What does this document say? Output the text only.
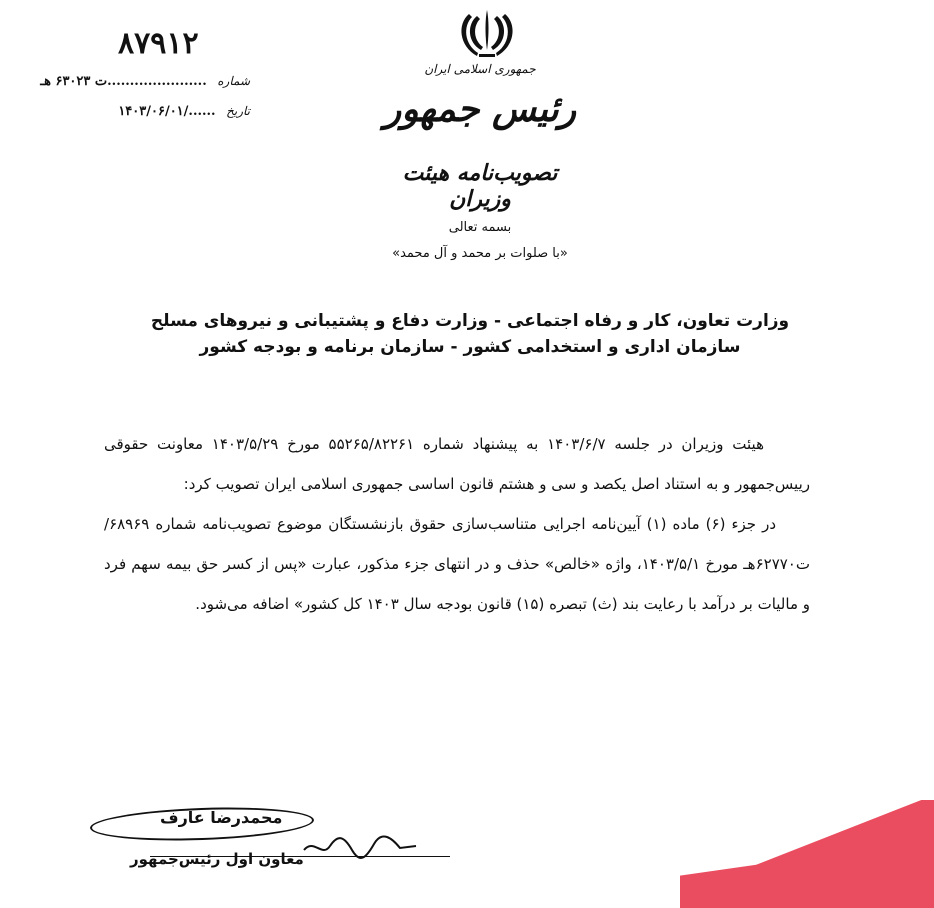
۸۷۹۱۲
شماره ......................ت ۶۳۰۲۳ هـ
تاریخ ....../۱۴۰۳/۰۶/۰۱
جمهوری اسلامی ایران
رئیس جمهور
تصویب‌نامه هیئت وزیران
بسمه تعالی
«با صلوات بر محمد و آل محمد»
وزارت تعاون، کار و رفاه اجتماعی - وزارت دفاع و پشتیبانی و نیروهای مسلح
سازمان اداری و استخدامی کشور - سازمان برنامه و بودجه کشور

هیئت وزیران در جلسه ۱۴۰۳/۶/۷ به پیشنهاد شماره ۵۵۲۶۵/۸۲۲۶۱ مورخ ۱۴۰۳/۵/۲۹ معاونت حقوقی رییس‌جمهور و به استناد اصل یکصد و سی و هشتم قانون اساسی جمهوری اسلامی ایران تصویب کرد:

در جزء (۶) ماده (۱) آیین‌نامه اجرایی متناسب‌سازی حقوق بازنشستگان موضوع تصویب‌نامه شماره ۶۸۹۶۹/ت۶۲۷۷۰هـ مورخ ۱۴۰۳/۵/۱، واژه «خالص» حذف و در انتهای جزء مذکور، عبارت «پس از کسر حق بیمه سهم فرد و مالیات بر درآمد با رعایت بند (ث) تبصره (۱۵) قانون بودجه سال ۱۴۰۳ کل کشور» اضافه می‌شود.

محمدرضا عارف
معاون اول رئیس‌جمهور
